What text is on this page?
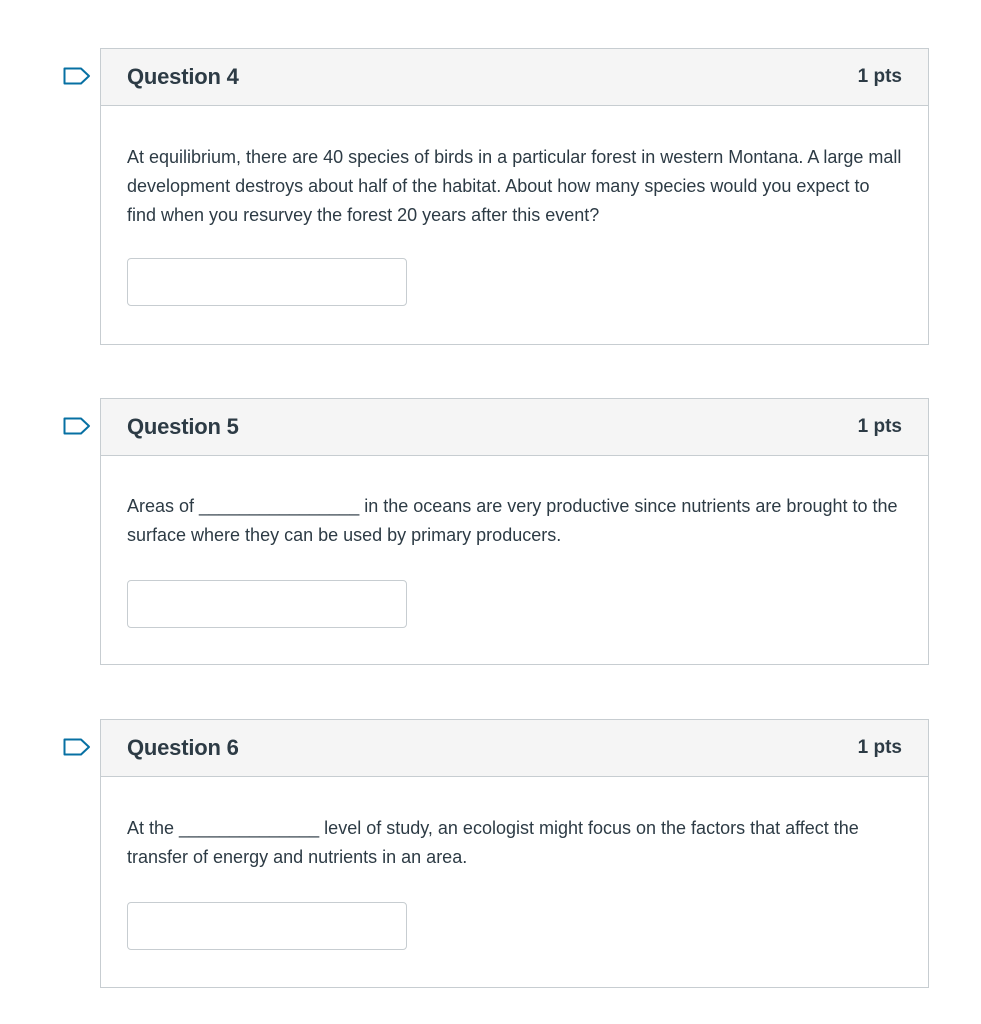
Question 4	1 pts

At equilibrium, there are 40 species of birds in a particular forest in western Montana. A large mall development destroys about half of the habitat. About how many species would you expect to find when you resurvey the forest 20 years after this event?

Question 5	1 pts

Areas of ________________ in the oceans are very productive since nutrients are brought to the surface where they can be used by primary producers.

Question 6	1 pts

At the ______________ level of study, an ecologist might focus on the factors that affect the transfer of energy and nutrients in an area.
